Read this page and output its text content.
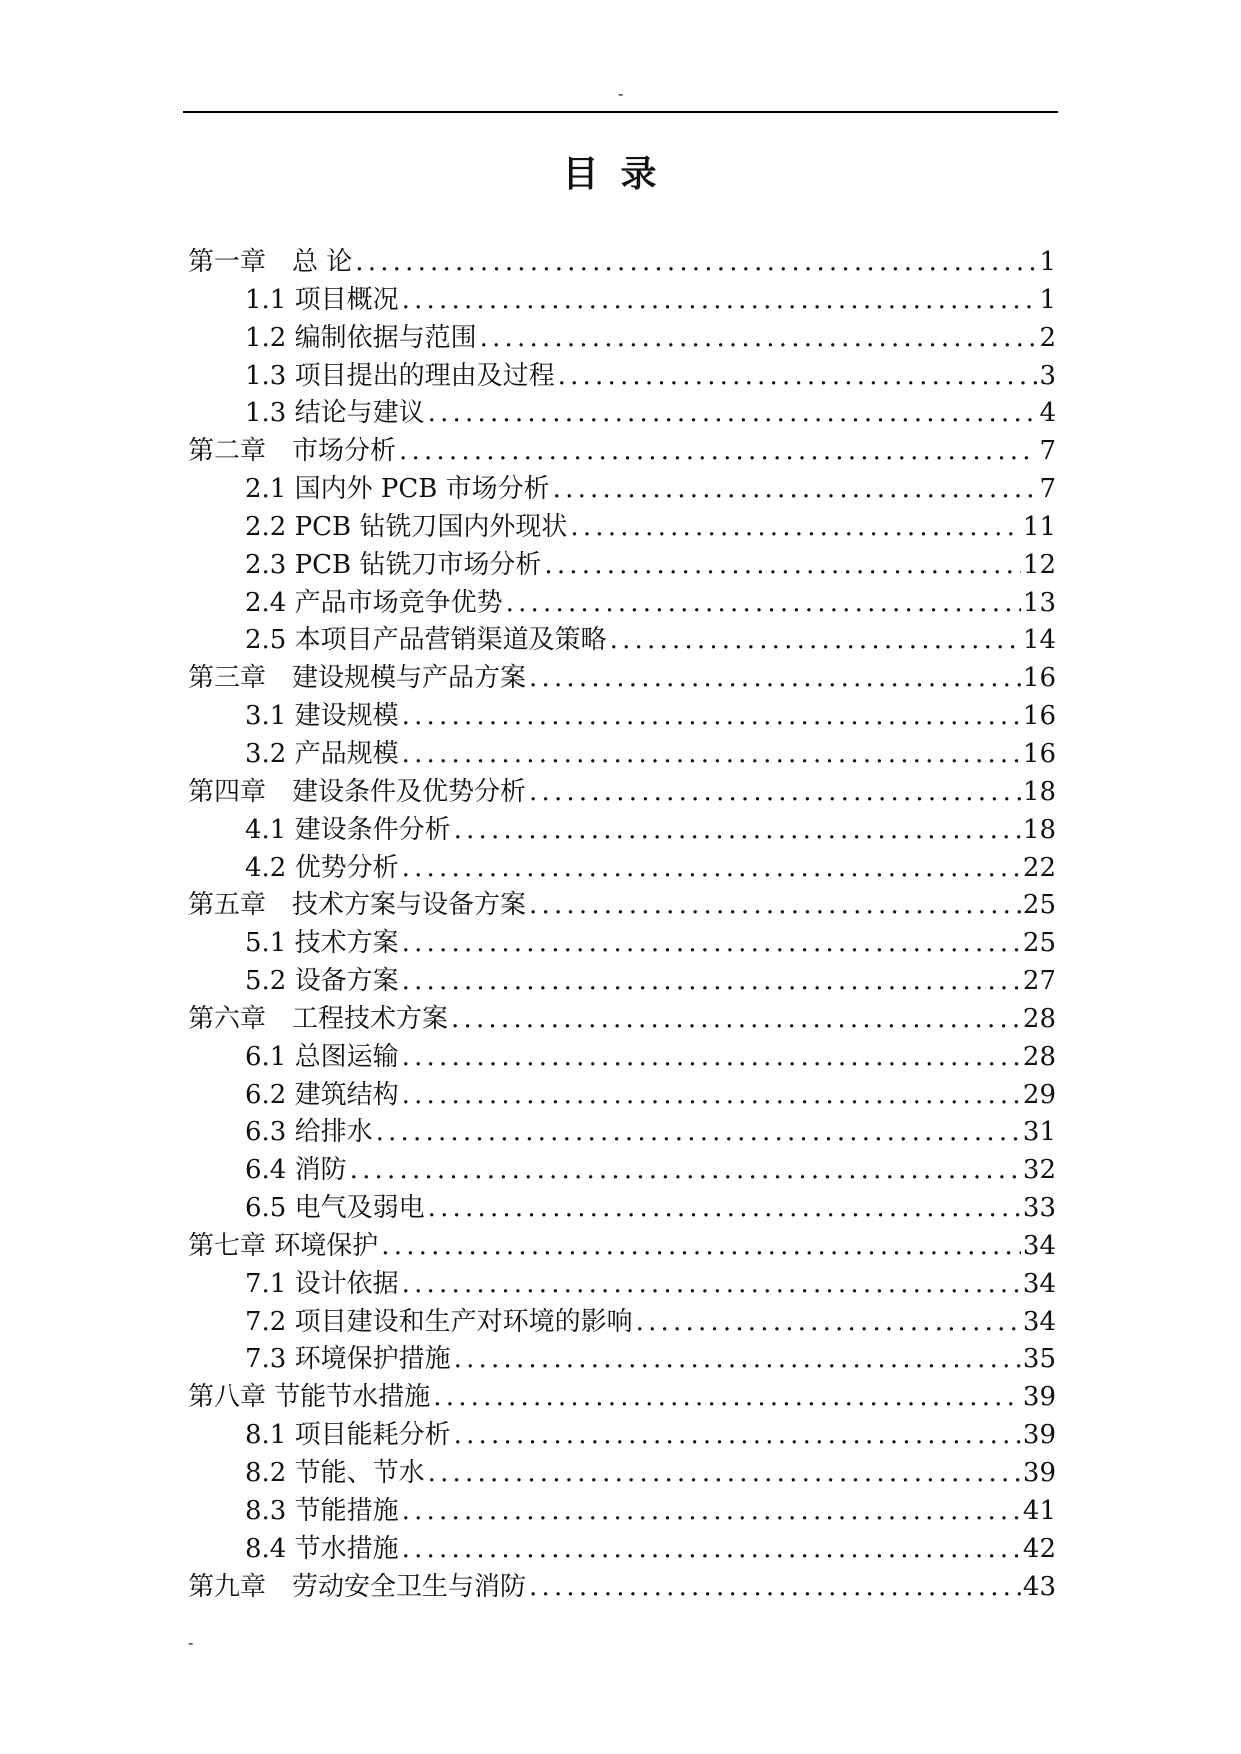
-
目录
第一章　总 论 .....	1
1.1 项目概况 .....	1
1.2 编制依据与范围 .....	2
1.3 项目提出的理由及过程 .....	3
1.3 结论与建议 .....	4
第二章　市场分析 .....	7
2.1 国内外 PCB 市场分析 .....	7
2.2 PCB 钻铣刀国内外现状 .....	11
2.3 PCB 钻铣刀市场分析 .....	12
2.4 产品市场竞争优势 .....	13
2.5 本项目产品营销渠道及策略 .....	14
第三章　建设规模与产品方案 .....	16
3.1 建设规模 .....	16
3.2 产品规模 .....	16
第四章　建设条件及优势分析 .....	18
4.1 建设条件分析 .....	18
4.2 优势分析 .....	22
第五章　技术方案与设备方案 .....	25
5.1 技术方案 .....	25
5.2 设备方案 .....	27
第六章　工程技术方案 .....	28
6.1 总图运输 .....	28
6.2 建筑结构 .....	29
6.3 给排水 .....	31
6.4 消防 .....	32
6.5 电气及弱电 .....	33
第七章 环境保护 .....	34
7.1 设计依据 .....	34
7.2 项目建设和生产对环境的影响 .....	34
7.3 环境保护措施 .....	35
第八章 节能节水措施 .....	39
8.1 项目能耗分析 .....	39
8.2 节能、节水 .....	39
8.3 节能措施 .....	41
8.4 节水措施 .....	42
第九章　劳动安全卫生与消防 .....	43
-
